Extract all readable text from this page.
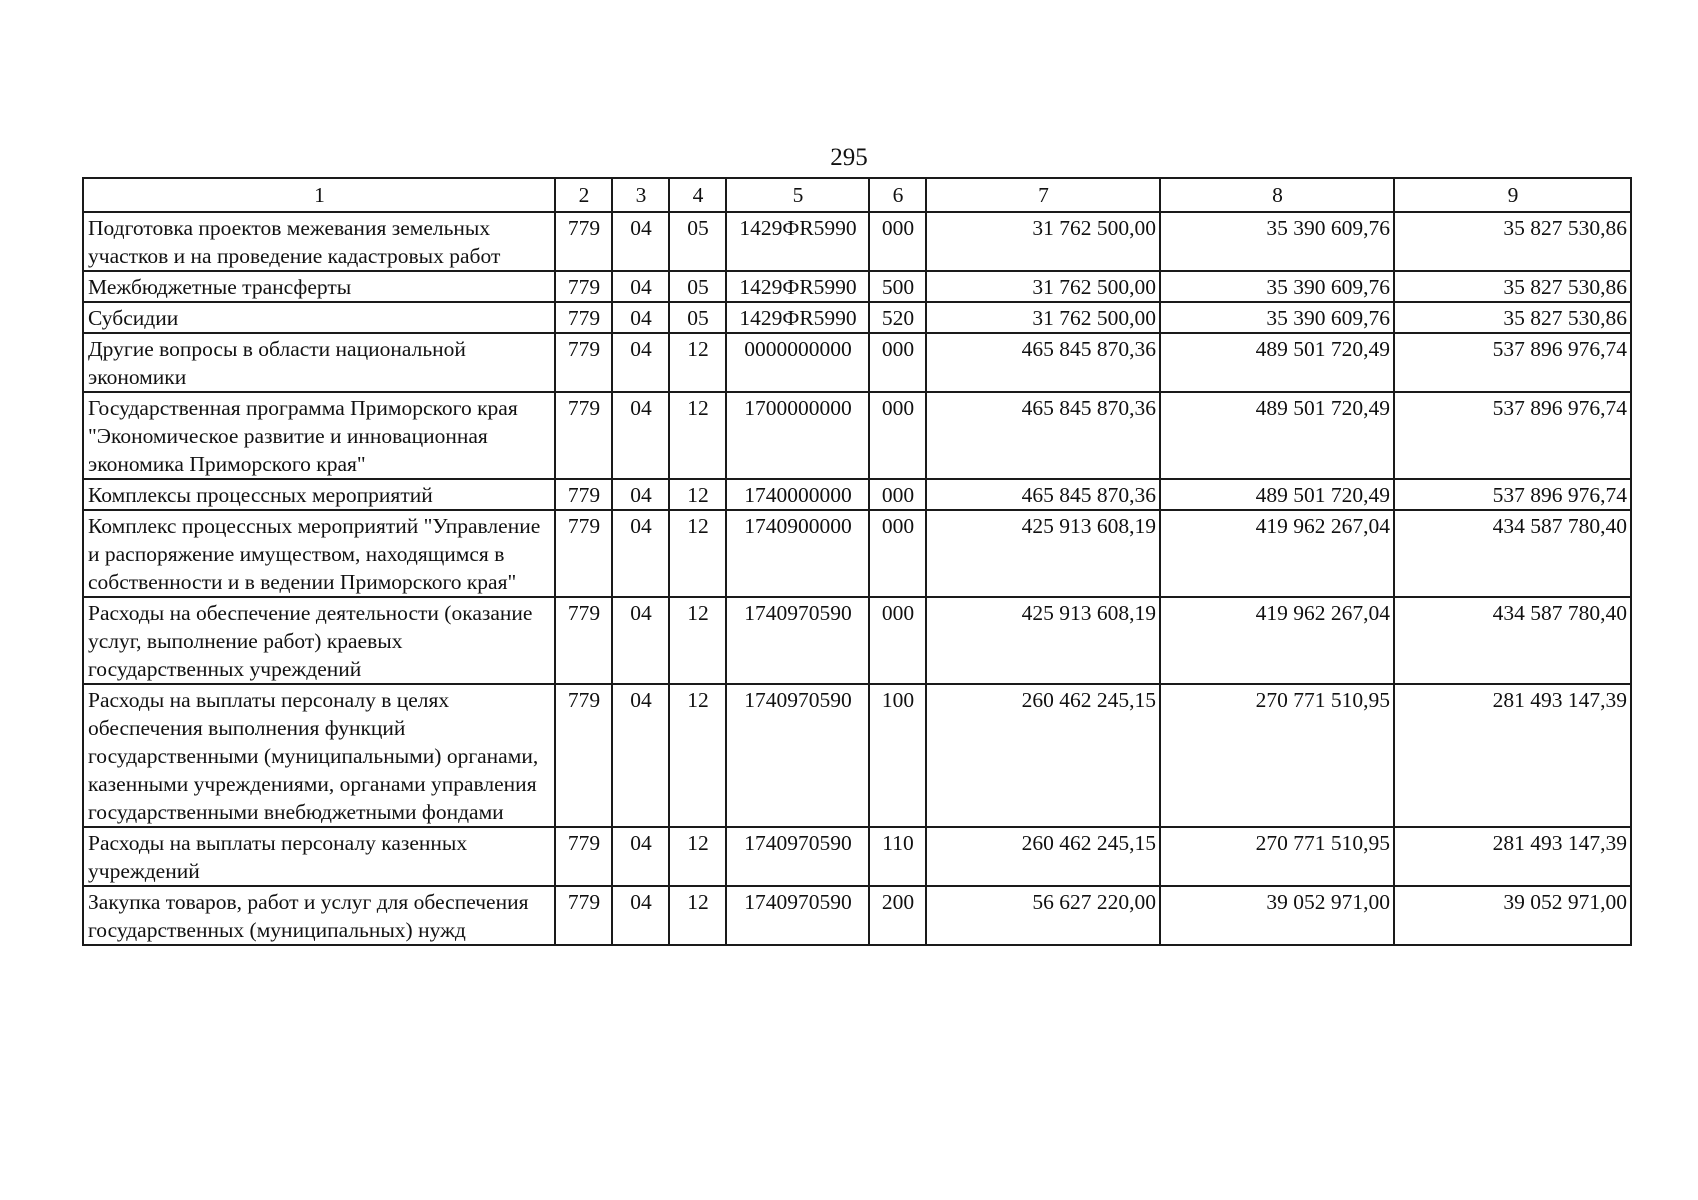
295
1	2	3	4	5	6	7	8	9
Подготовка проектов межевания земельных участков и на проведение кадастровых работ	779	04	05	1429ФR5990	000	31 762 500,00	35 390 609,76	35 827 530,86
Межбюджетные трансферты	779	04	05	1429ФR5990	500	31 762 500,00	35 390 609,76	35 827 530,86
Субсидии	779	04	05	1429ФR5990	520	31 762 500,00	35 390 609,76	35 827 530,86
Другие вопросы в области национальной экономики	779	04	12	0000000000	000	465 845 870,36	489 501 720,49	537 896 976,74
Государственная программа Приморского края "Экономическое развитие и инновационная экономика Приморского края"	779	04	12	1700000000	000	465 845 870,36	489 501 720,49	537 896 976,74
Комплексы процессных мероприятий	779	04	12	1740000000	000	465 845 870,36	489 501 720,49	537 896 976,74
Комплекс процессных мероприятий "Управление и распоряжение имуществом, находящимся в собственности и в ведении Приморского края"	779	04	12	1740900000	000	425 913 608,19	419 962 267,04	434 587 780,40
Расходы на обеспечение деятельности (оказание услуг, выполнение работ) краевых государственных учреждений	779	04	12	1740970590	000	425 913 608,19	419 962 267,04	434 587 780,40
Расходы на выплаты персоналу в целях обеспечения выполнения функций государственными (муниципальными) органами, казенными учреждениями, органами управления государственными внебюджетными фондами	779	04	12	1740970590	100	260 462 245,15	270 771 510,95	281 493 147,39
Расходы на выплаты персоналу казенных учреждений	779	04	12	1740970590	110	260 462 245,15	270 771 510,95	281 493 147,39
Закупка товаров, работ и услуг для обеспечения государственных (муниципальных) нужд	779	04	12	1740970590	200	56 627 220,00	39 052 971,00	39 052 971,00
